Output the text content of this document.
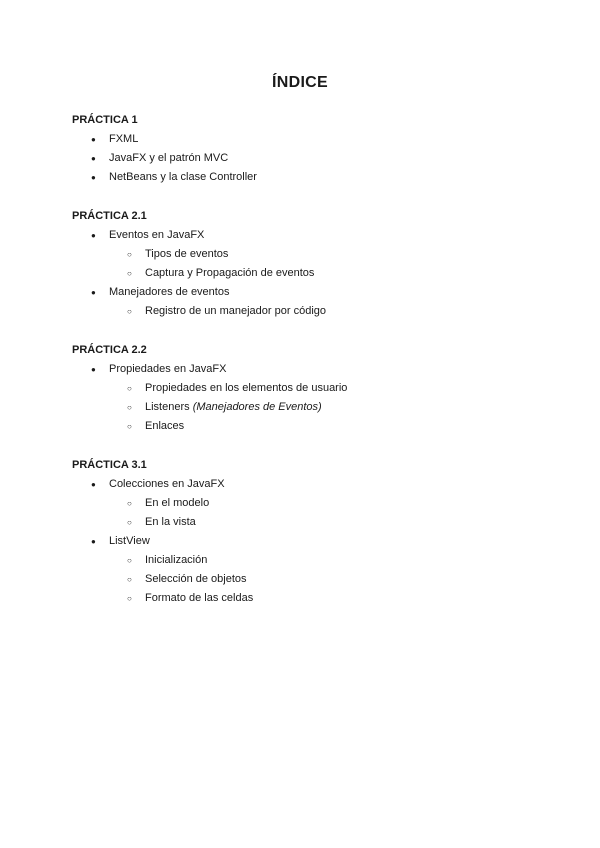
ÍNDICE
PRÁCTICA 1
● FXML
● JavaFX y el patrón MVC
● NetBeans y la clase Controller
PRÁCTICA 2.1
● Eventos en JavaFX
○ Tipos de eventos
○ Captura y Propagación de eventos
● Manejadores de eventos
○ Registro de un manejador por código
PRÁCTICA 2.2
● Propiedades en JavaFX
○ Propiedades en los elementos de usuario
○ Listeners (Manejadores de Eventos)
○ Enlaces
PRÁCTICA 3.1
● Colecciones en JavaFX
○ En el modelo
○ En la vista
● ListView
○ Inicialización
○ Selección de objetos
○ Formato de las celdas
